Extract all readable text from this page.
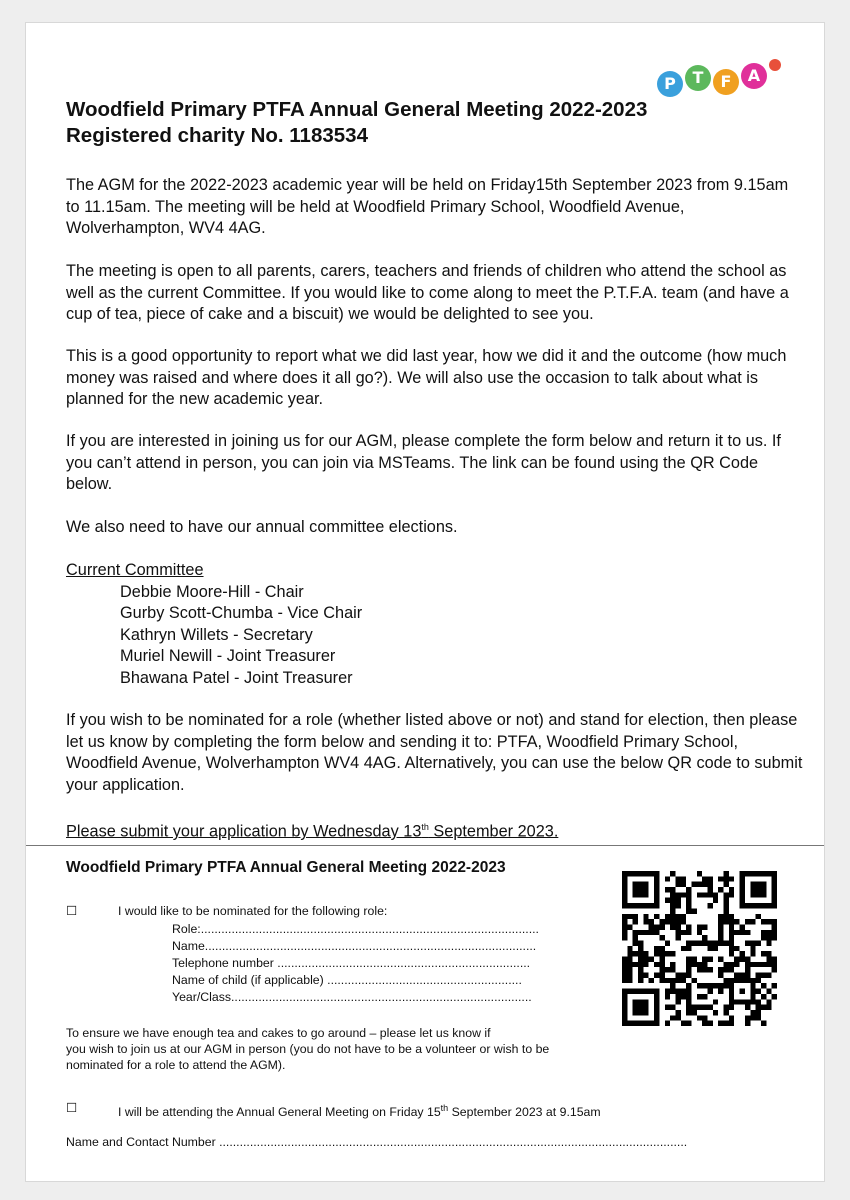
P	T	F	A
Woodfield Primary PTFA Annual General Meeting 2022-2023
Registered charity No. 1183534
The AGM for the 2022-2023 academic year will be held on Friday15th September 2023 from 9.15am to 11.15am. The meeting will be held at Woodfield Primary School, Woodfield Avenue, Wolverhampton, WV4 4AG.
The meeting is open to all parents, carers, teachers and friends of children who attend the school as well as the current Committee. If you would like to come along to meet the P.T.F.A. team (and have a cup of tea, piece of cake and a biscuit) we would be delighted to see you.
This is a good opportunity to report what we did last year, how we did it and the outcome (how much money was raised and where does it all go?). We will also use the occasion to talk about what is planned for the new academic year.
If you are interested in joining us for our AGM, please complete the form below and return it to us. If you can’t attend in person, you can join via MSTeams. The link can be found using the QR Code below.
We also need to have our annual committee elections.
Current Committee
Debbie Moore-Hill - Chair
Gurby Scott-Chumba - Vice Chair
Kathryn Willets - Secretary
Muriel Newill - Joint Treasurer
Bhawana Patel - Joint Treasurer
If you wish to be nominated for a role (whether listed above or not) and stand for election, then please let us know by completing the form below and sending it to: PTFA, Woodfield Primary School, Woodfield Avenue, Wolverhampton WV4 4AG. Alternatively, you can use the below QR code to submit your application.
Please submit your application by Wednesday 13th September 2023.
Woodfield Primary PTFA Annual General Meeting 2022-2023
☐	I would like to be nominated for the following role:
Role:...................................................................................................
Name.................................................................................................
Telephone number ..........................................................................
Name of child (if applicable) .........................................................
Year/Class........................................................................................
To ensure we have enough tea and cakes to go around – please let us know if
you wish to join us at our AGM in person (you do not have to be a volunteer or wish to be
nominated for a role to attend the AGM).
☐	I will be attending the Annual General Meeting on Friday 15th September 2023 at 9.15am
Name and Contact Number .........................................................................................................................................
